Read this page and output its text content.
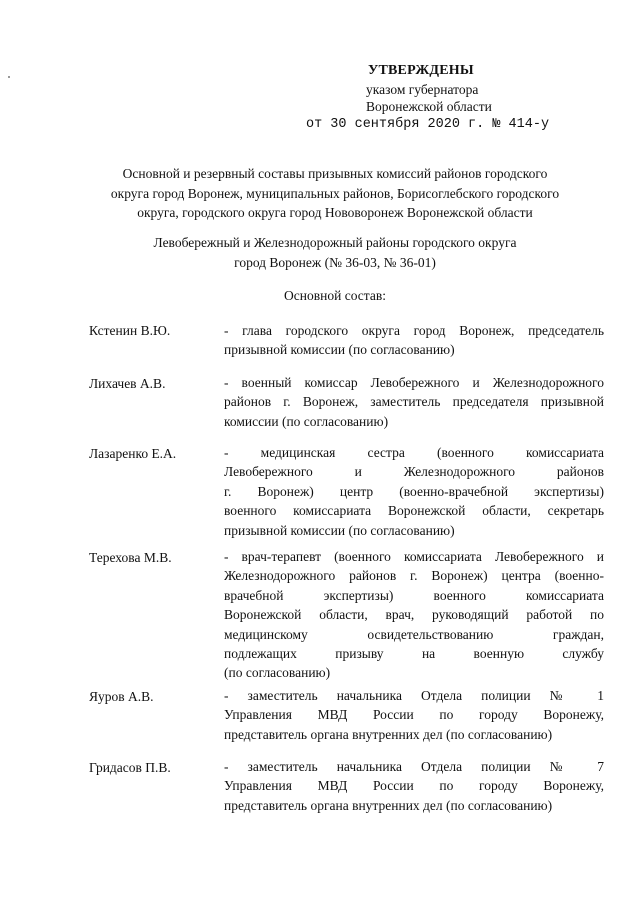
УТВЕРЖДЕНЫ
указом губернатора
Воронежской области
от 30 сентября 2020 г. № 414-у
Основной и резервный составы призывных комиссий районов городского
округа город Воронеж, муниципальных районов, Борисоглебского городского
округа, городского округа город Нововоронеж Воронежской области
Левобережный и Железнодорожный районы городского округа
город Воронеж (№ 36-03, № 36-01)
Основной состав:
Кстенин В.Ю.	- глава городского округа город Воронеж, председатель
призывной комиссии (по согласованию)
Лихачев А.В.	- военный комиссар Левобережного и Железнодорожного
районов г. Воронеж, заместитель председателя призывной
комиссии (по согласованию)
Лазаренко Е.А.	- медицинская сестра (военного комиссариата
Левобережного и Железнодорожного районов
г. Воронеж) центр (военно-врачебной экспертизы)
военного комиссариата Воронежской области, секретарь
призывной комиссии (по согласованию)
Терехова М.В.	- врач-терапевт (военного комиссариата Левобережного и
Железнодорожного районов г. Воронеж) центра (военно-
врачебной экспертизы) военного комиссариата
Воронежской области, врач, руководящий работой по
медицинскому освидетельствованию граждан,
подлежащих призыву на военную службу
(по согласованию)
Яуров А.В.	- заместитель начальника Отдела полиции № 1
Управления МВД России по городу Воронежу,
представитель органа внутренних дел (по согласованию)
Гридасов П.В.	- заместитель начальника Отдела полиции № 7
Управления МВД России по городу Воронежу,
представитель органа внутренних дел (по согласованию)
